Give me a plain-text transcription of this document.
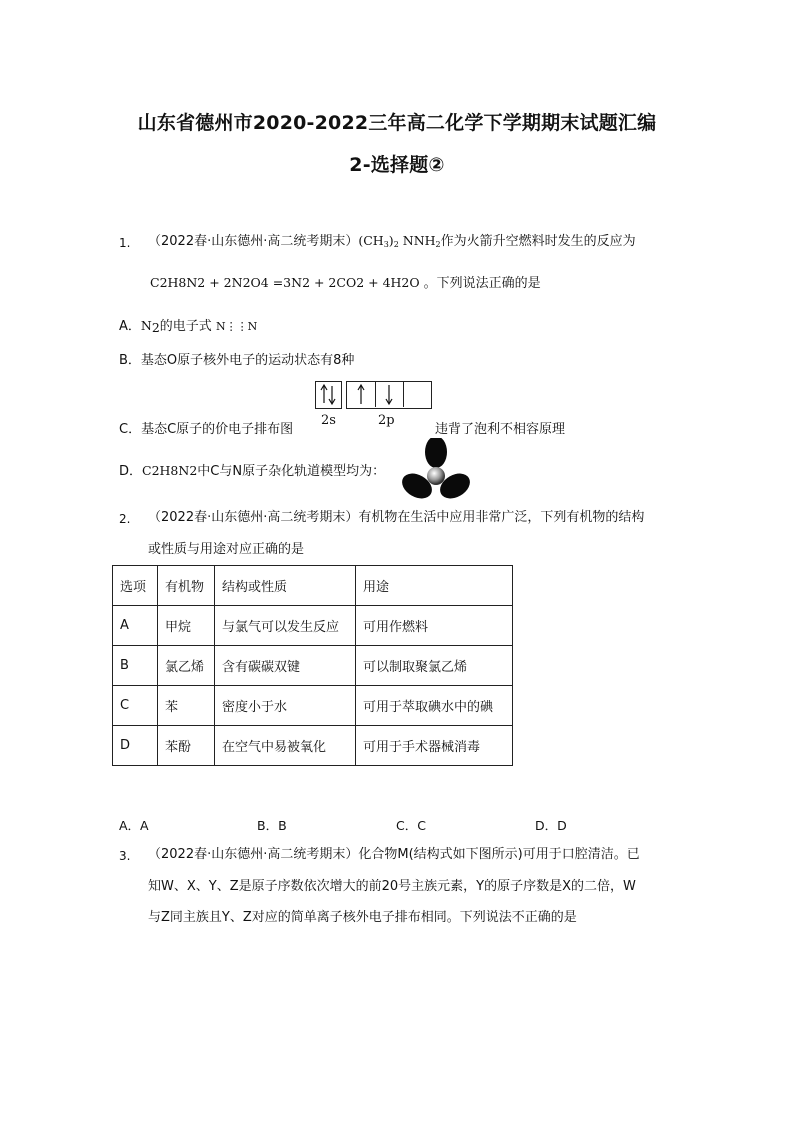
山东省德州市2020-2022三年高二化学下学期期末试题汇编
2-选择题②
1. （2022春·山东德州·高二统考期末）$(CH_3)_2$ $NNH_2$作为火箭升空燃料时发生的反应为
C2H8N2 + 2N2O4 =3N2 + 2CO2 + 4H2O 。下列说法正确的是
A．$N_2$的电子式 N⋮⋮N
B．基态O原子核外电子的运动状态有8种
2s	2p
C．基态C原子的价电子排布图	违背了泡利不相容原理
D．C2H8N2中C与N原子杂化轨道模型均为：
2. （2022春·山东德州·高二统考期末）有机物在生活中应用非常广泛，下列有机物的结构
或性质与用途对应正确的是
选项	有机物	结构或性质	用途
A	甲烷	与氯气可以发生反应	可用作燃料
B	氯乙烯	含有碳碳双键	可以制取聚氯乙烯
C	苯	密度小于水	可用于萃取碘水中的碘
D	苯酚	在空气中易被氧化	可用于手术器械消毒
A．A	B．B	C．C	D．D
3. （2022春·山东德州·高二统考期末）化合物M(结构式如下图所示)可用于口腔清洁。已
知W、X、Y、Z是原子序数依次增大的前20号主族元素，Y的原子序数是X的二倍，W
与Z同主族且Y、Z对应的简单离子核外电子排布相同。下列说法不正确的是
